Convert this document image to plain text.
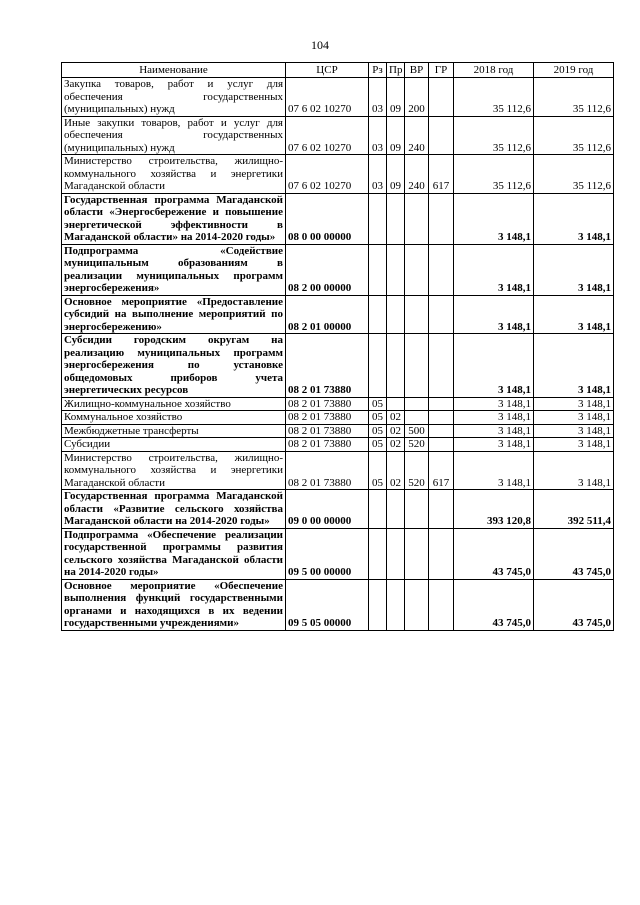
104
Наименование	ЦСР	Рз	Пр	ВР	ГР	2018 год	2019 год
Закупка товаров, работ и услуг для обеспечения государственных (муниципальных) нужд	07 6 02 10270	03	09	200		35 112,6	35 112,6
Иные закупки товаров, работ и услуг для обеспечения государственных (муниципальных) нужд	07 6 02 10270	03	09	240		35 112,6	35 112,6
Министерство строительства, жилищно-коммунального хозяйства и энергетики Магаданской области	07 6 02 10270	03	09	240	617	35 112,6	35 112,6
Государственная программа Магаданской области «Энергосбережение и повышение энергетической эффективности в Магаданской области» на 2014-2020 годы»	08 0 00 00000					3 148,1	3 148,1
Подпрограмма «Содействие муниципальным образованиям в реализации муниципальных программ энергосбережения»	08 2 00 00000					3 148,1	3 148,1
Основное мероприятие «Предоставление субсидий на выполнение мероприятий по энергосбережению»	08 2 01 00000					3 148,1	3 148,1
Субсидии городским округам на реализацию муниципальных программ энергосбережения по установке общедомовых приборов учета энергетических ресурсов	08 2 01 73880					3 148,1	3 148,1
Жилищно-коммунальное хозяйство	08 2 01 73880	05				3 148,1	3 148,1
Коммунальное хозяйство	08 2 01 73880	05	02			3 148,1	3 148,1
Межбюджетные трансферты	08 2 01 73880	05	02	500		3 148,1	3 148,1
Субсидии	08 2 01 73880	05	02	520		3 148,1	3 148,1
Министерство строительства, жилищно-коммунального хозяйства и энергетики Магаданской области	08 2 01 73880	05	02	520	617	3 148,1	3 148,1
Государственная программа Магаданской области «Развитие сельского хозяйства Магаданской области на 2014-2020 годы»	09 0 00 00000					393 120,8	392 511,4
Подпрограмма «Обеспечение реализации государственной программы развития сельского хозяйства Магаданской области на 2014-2020 годы»	09 5 00 00000					43 745,0	43 745,0
Основное мероприятие «Обеспечение выполнения функций государственными органами и находящихся в их ведении государственными учреждениями»	09 5 05 00000					43 745,0	43 745,0
